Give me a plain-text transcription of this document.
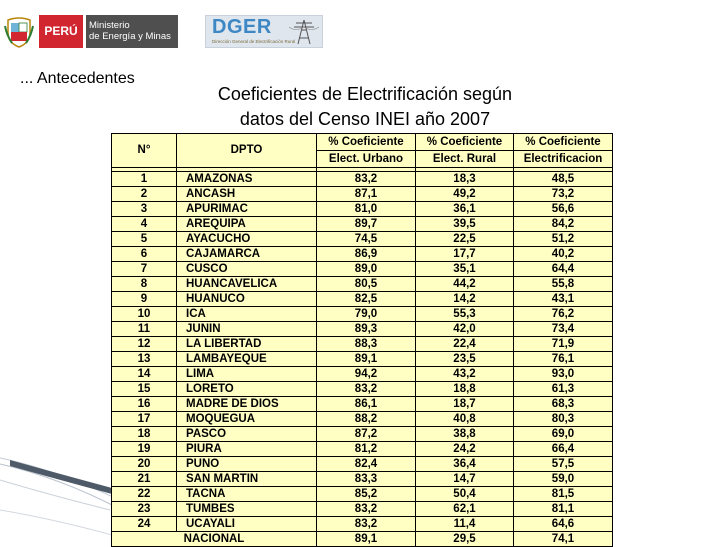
PERÚ	Ministerio
de Energía y Minas	DGER
Dirección General de Electrificación Rural
... Antecedentes
Coeficientes de Electrificación según
datos del Censo INEI año 2007
N°	DPTO	% Coeficiente	% Coeficiente	% Coeficiente
		Elect. Urbano	Elect. Rural	Electrificacion

1	AMAZONAS	83,2	18,3	48,5
2	ANCASH	87,1	49,2	73,2
3	APURIMAC	81,0	36,1	56,6
4	AREQUIPA	89,7	39,5	84,2
5	AYACUCHO	74,5	22,5	51,2
6	CAJAMARCA	86,9	17,7	40,2
7	CUSCO	89,0	35,1	64,4
8	HUANCAVELICA	80,5	44,2	55,8
9	HUANUCO	82,5	14,2	43,1
10	ICA	79,0	55,3	76,2
11	JUNIN	89,3	42,0	73,4
12	LA LIBERTAD	88,3	22,4	71,9
13	LAMBAYEQUE	89,1	23,5	76,1
14	LIMA	94,2	43,2	93,0
15	LORETO	83,2	18,8	61,3
16	MADRE DE DIOS	86,1	18,7	68,3
17	MOQUEGUA	88,2	40,8	80,3
18	PASCO	87,2	38,8	69,0
19	PIURA	81,2	24,2	66,4
20	PUNO	82,4	36,4	57,5
21	SAN MARTIN	83,3	14,7	59,0
22	TACNA	85,2	50,4	81,5
23	TUMBES	83,2	62,1	81,1
24	UCAYALI	83,2	11,4	64,6
NACIONAL		89,1	29,5	74,1
